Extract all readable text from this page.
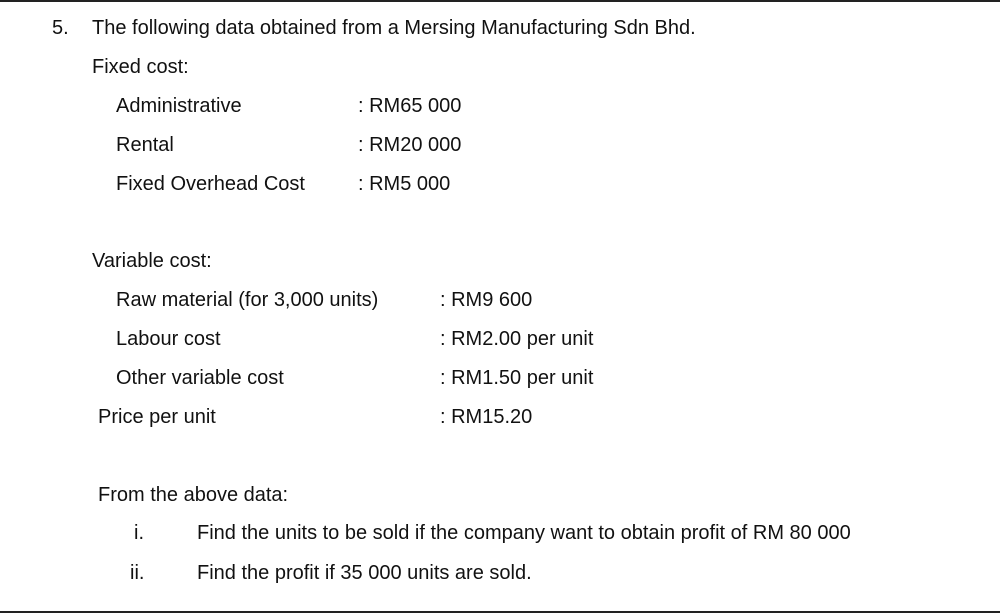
5. The following data obtained from a Mersing Manufacturing Sdn Bhd.
Fixed cost:
Administrative	: RM65 000
Rental	: RM20 000
Fixed Overhead Cost	: RM5 000
Variable cost:
Raw material (for 3,000 units)	: RM9 600
Labour cost	: RM2.00 per unit
Other variable cost	: RM1.50 per unit
Price per unit	: RM15.20
From the above data:
i.	Find the units to be sold if the company want to obtain profit of RM 80 000
ii.	Find the profit if 35 000 units are sold.
